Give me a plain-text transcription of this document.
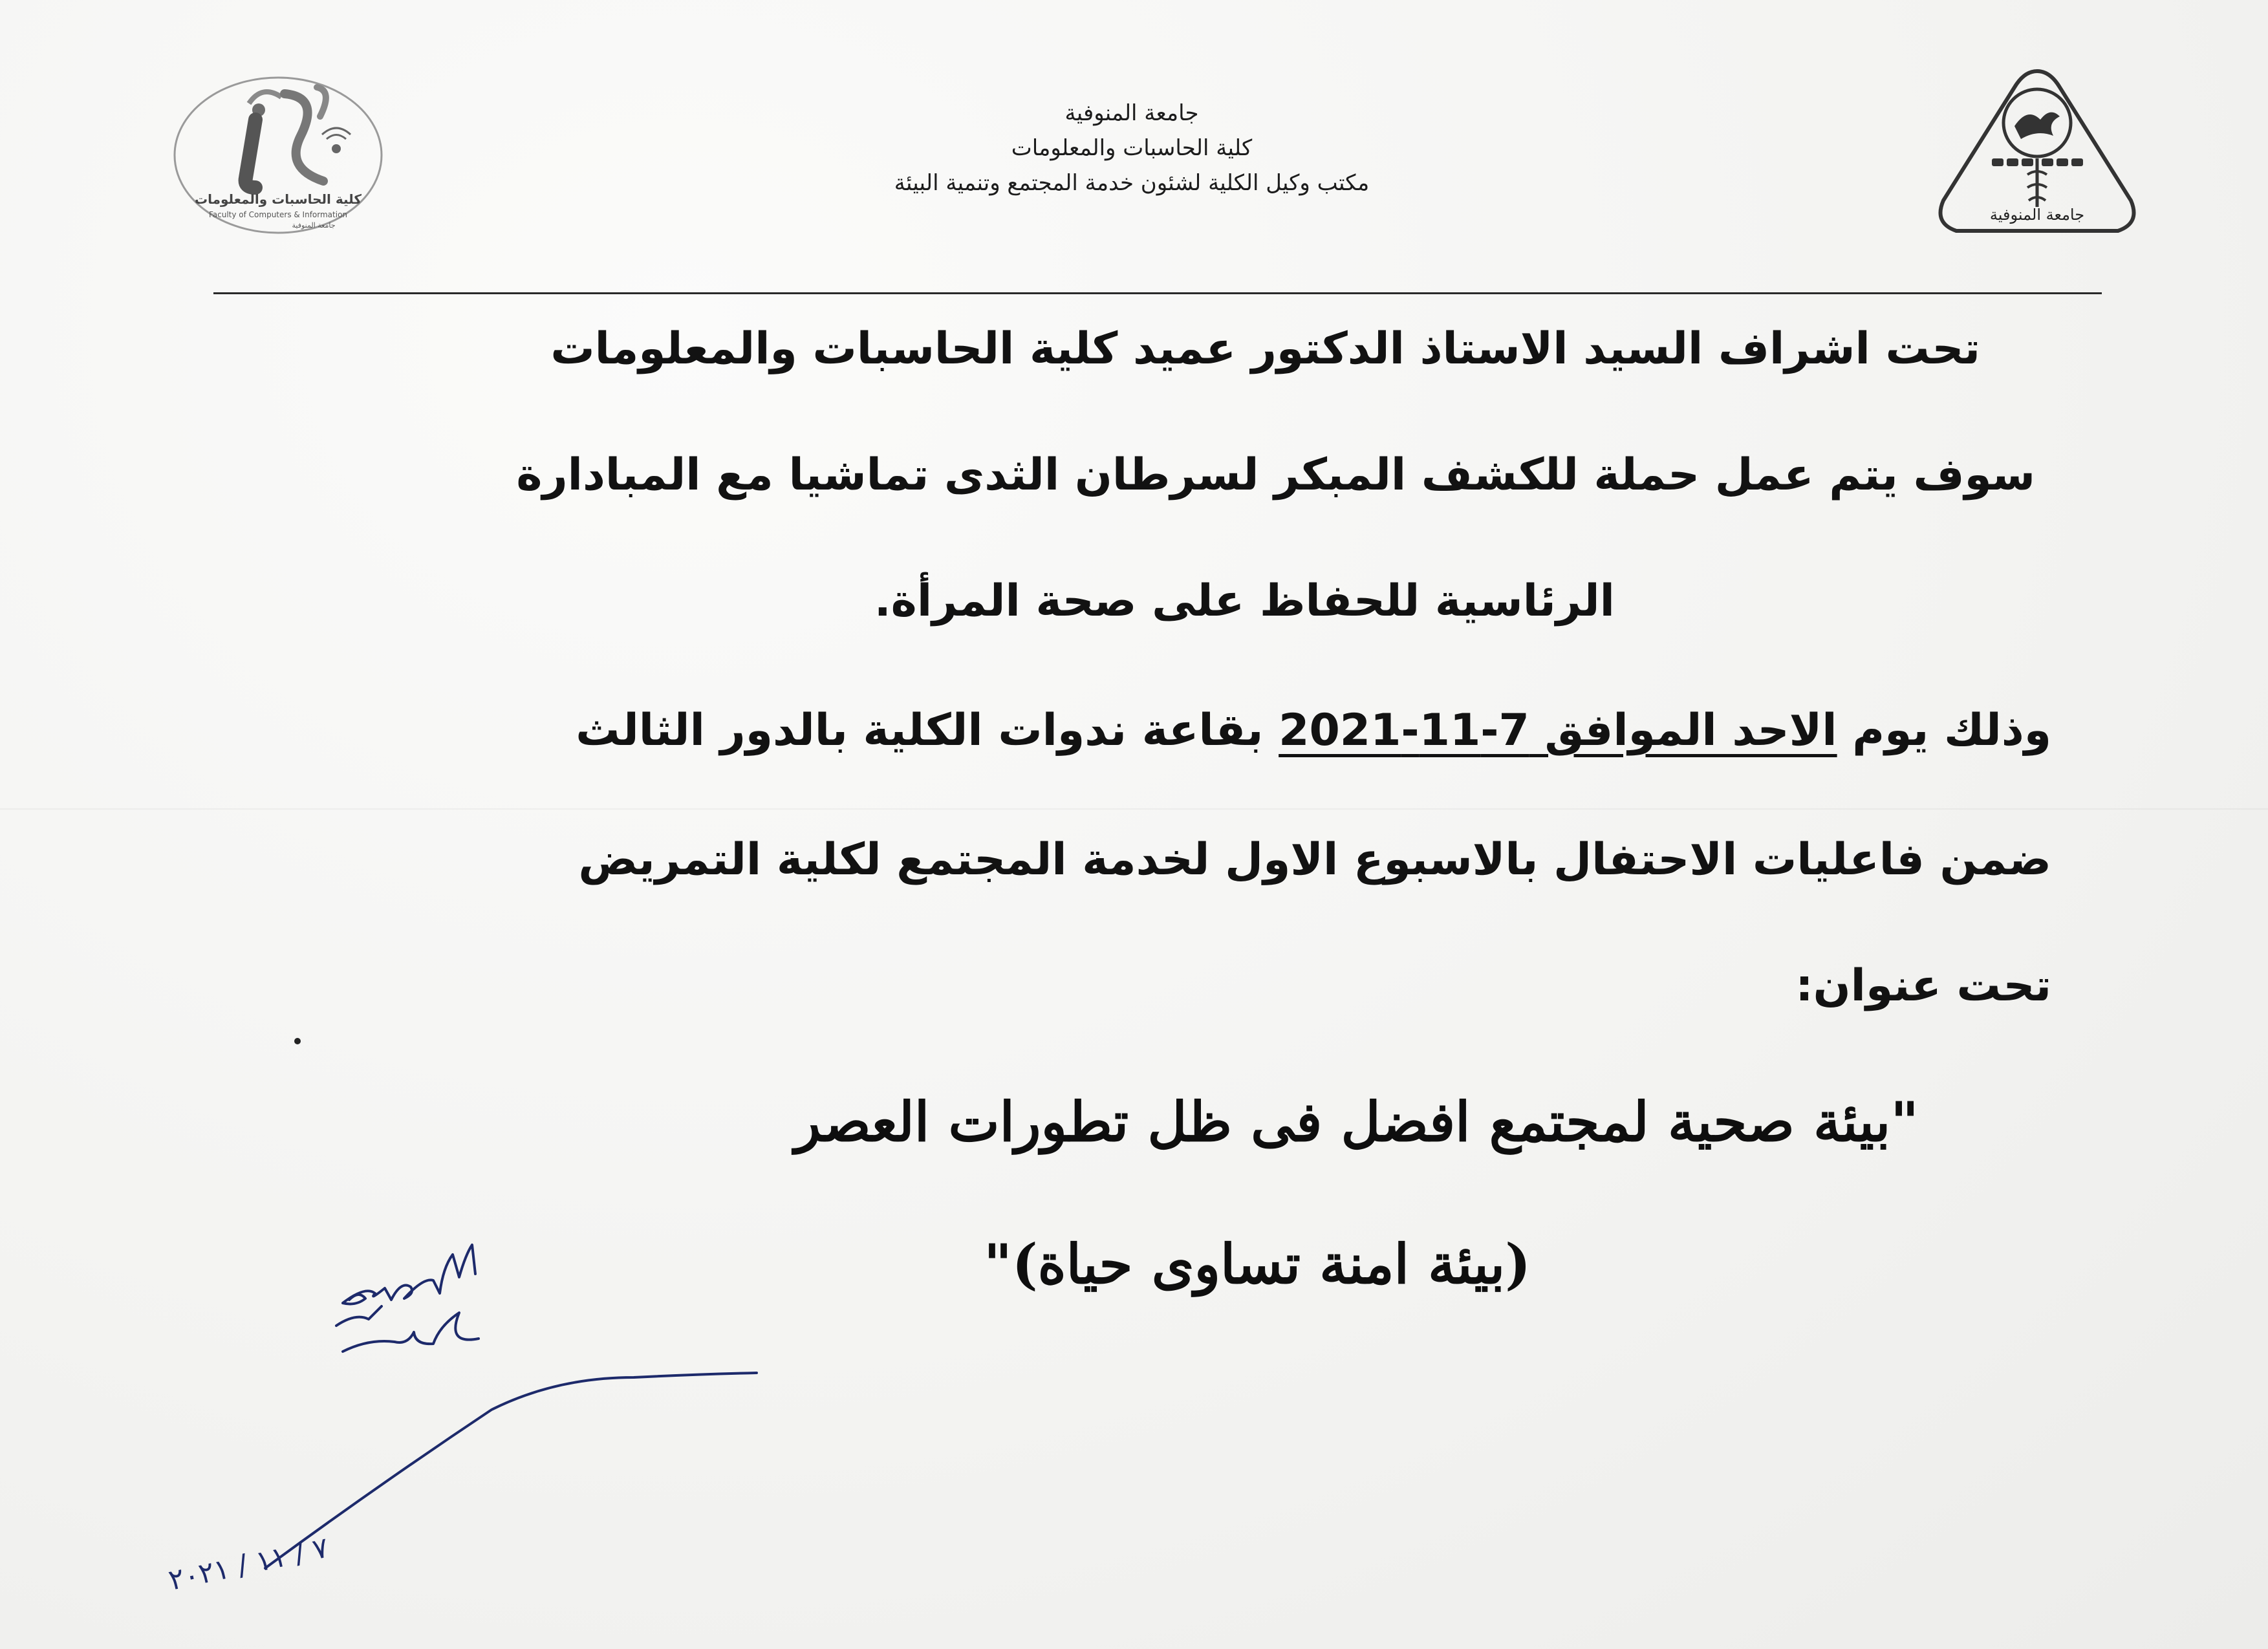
كلية الحاسبات والمعلومات
Faculty of Computers & Information
جامعة المنوفية
جامعة المنوفية
جامعة المنوفية
كلية الحاسبات والمعلومات
مكتب وكيل الكلية لشئون خدمة المجتمع وتنمية البيئة
تحت اشراف السيد الاستاذ الدكتور عميد كلية الحاسبات والمعلومات
سوف يتم عمل حملة للكشف المبكر لسرطان الثدى تماشيا مع المبادارة
الرئاسية للحفاظ على صحة المرأة.
وذلك يوم الاحد الموافق 7-11-2021 بقاعة ندوات الكلية بالدور الثالث
ضمن فاعليات الاحتفال بالاسبوع الاول لخدمة المجتمع لكلية التمريض
تحت عنوان:
"بيئة صحية لمجتمع افضل فى ظل تطورات العصر
(بيئة امنة تساوى حياة)"
٧ / ١١ / ٢٠٢١
